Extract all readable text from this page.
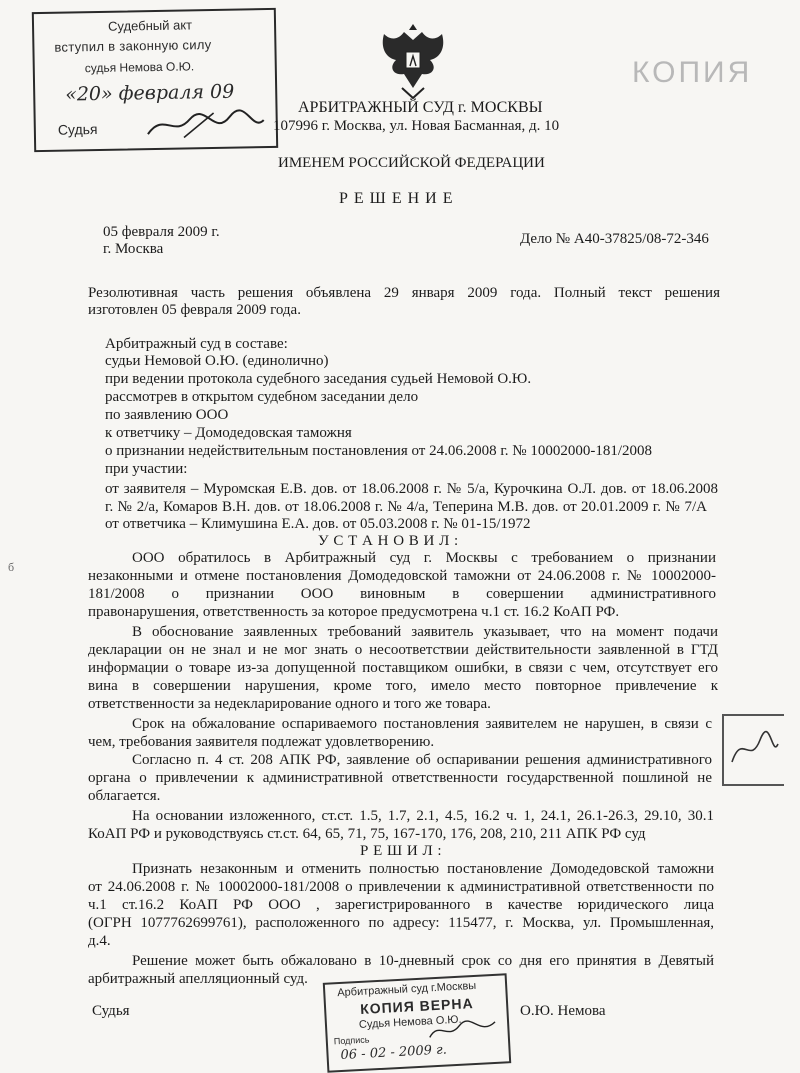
Судебный акт
вступил в законную силу
судья Немова О.Ю.
«20» февраля 09
Судья
КОПИЯ
АРБИТРАЖНЫЙ СУД г. МОСКВЫ
107996 г. Москва, ул. Новая Басманная, д. 10
ИМЕНЕМ РОССИЙСКОЙ ФЕДЕРАЦИИ
Р Е Ш Е Н И Е
05 февраля 2009 г.
г. Москва
Дело № А40-37825/08-72-346
Резолютивная часть решения объявлена 29 января 2009 года. Полный текст решения
изготовлен 05 февраля 2009 года.
Арбитражный суд в составе:
судьи Немовой О.Ю. (единолично)
при ведении протокола судебного заседания судьей Немовой О.Ю.
рассмотрев в открытом судебном заседании дело
по заявлению ООО
к ответчику – Домодедовская таможня
о признании недействительным постановления от 24.06.2008 г. № 10002000-181/2008
при участии:
от заявителя – Муромская Е.В. дов. от 18.06.2008 г. № 5/а, Курочкина О.Л. дов. от 18.06.2008
г. № 2/а, Комаров В.Н. дов. от 18.06.2008 г. № 4/а, Теперина М.В. дов. от 20.01.2009 г. № 7/А
от ответчика – Климушина Е.А. дов. от 05.03.2008 г. № 01-15/1972
У С Т А Н О В И Л :
б
ООО обратилось в Арбитражный суд г. Москвы с требованием о признании
незаконными и отмене постановления Домодедовской таможни от 24.06.2008 г. № 10002000-
181/2008 о признании ООО виновным в совершении административного
правонарушения, ответственность за которое предусмотрена ч.1 ст. 16.2 КоАП РФ.
В обоснование заявленных требований заявитель указывает, что на момент подачи
декларации он не знал и не мог знать о несоответствии действительности заявленной в ГТД
информации о товаре из-за допущенной поставщиком ошибки, в связи с чем, отсутствует его
вина в совершении нарушения, кроме того, имело место повторное привлечение к
ответственности за недекларирование одного и того же товара.
Срок на обжалование оспариваемого постановления заявителем не нарушен, в связи с
чем, требования заявителя подлежат удовлетворению.
Согласно п. 4 ст. 208 АПК РФ, заявление об оспаривании решения административного
органа о привлечении к административной ответственности государственной пошлиной не
облагается.
На основании изложенного, ст.ст. 1.5, 1.7, 2.1, 4.5, 16.2 ч. 1, 24.1, 26.1-26.3, 29.10, 30.1
КоАП РФ и руководствуясь ст.ст. 64, 65, 71, 75, 167-170, 176, 208, 210, 211 АПК РФ суд
Р Е Ш И Л :
Признать незаконным и отменить полностью постановление Домодедовской таможни
от 24.06.2008 г. № 10002000-181/2008 о привлечении к административной ответственности по
ч.1 ст.16.2 КоАП РФ ООО , зарегистрированного в качестве юридического лица
(ОГРН 1077762699761), расположенного по адресу: 115477, г. Москва, ул. Промышленная,
д.4.
Решение может быть обжаловано в 10-дневный срок со дня его принятия в Девятый
арбитражный апелляционный суд.
Судья	О.Ю. Немова
Арбитражный суд г.Москвы
КОПИЯ ВЕРНА
Судья Немова О.Ю.
Подпись
06 - 02 - 2009 г.
